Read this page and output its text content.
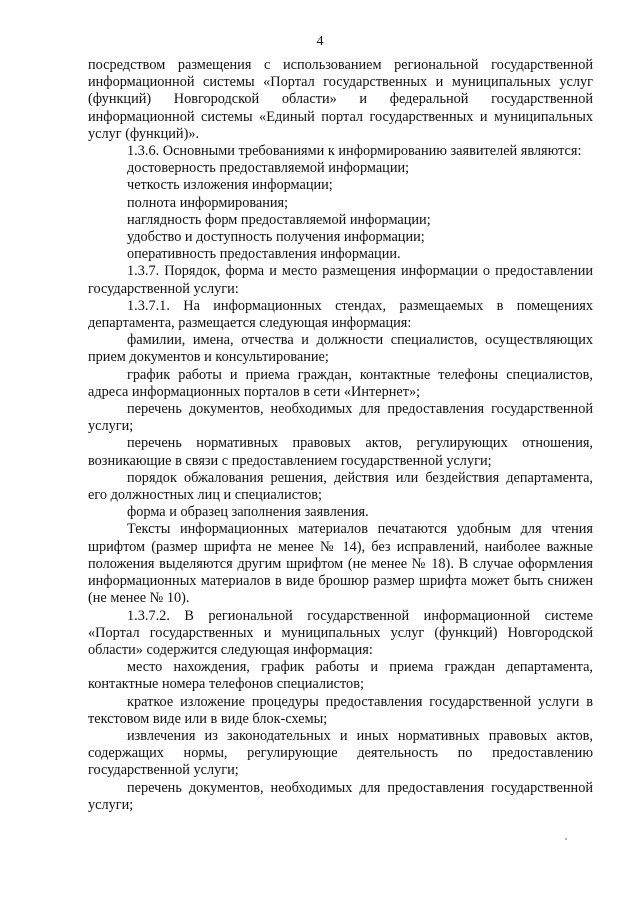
4

посредством размещения с использованием региональной государственной информационной системы «Портал государственных и муниципальных услуг (функций) Новгородской области» и федеральной государственной информационной системы «Единый портал государственных и муниципальных услуг (функций)».

1.3.6. Основными требованиями к информированию заявителей являются:

достоверность предоставляемой информации;

четкость изложения информации;

полнота информирования;

наглядность форм предоставляемой информации;

удобство и доступность получения информации;

оперативность предоставления информации.

1.3.7. Порядок, форма и место размещения информации о предоставлении государственной услуги:

1.3.7.1. На информационных стендах, размещаемых в помещениях департамента, размещается следующая информация:

фамилии, имена, отчества и должности специалистов, осуществляющих прием документов и консультирование;

график работы и приема граждан, контактные телефоны специалистов, адреса информационных порталов в сети «Интернет»;

перечень документов, необходимых для предоставления государственной услуги;

перечень нормативных правовых актов, регулирующих отношения, возникающие в связи с предоставлением государственной услуги;

порядок обжалования решения, действия или бездействия департамента, его должностных лиц и специалистов;

форма и образец заполнения заявления.

Тексты информационных материалов печатаются удобным для чтения шрифтом (размер шрифта не менее № 14), без исправлений, наиболее важные положения выделяются другим шрифтом (не менее № 18). В случае оформления информационных материалов в виде брошюр размер шрифта может быть снижен (не менее № 10).

1.3.7.2. В региональной государственной информационной системе «Портал государственных и муниципальных услуг (функций) Новгородской области» содержится следующая информация:

место нахождения, график работы и приема граждан департамента, контактные номера телефонов специалистов;

краткое изложение процедуры предоставления государственной услуги в текстовом виде или в виде блок-схемы;

извлечения из законодательных и иных нормативных правовых актов, содержащих нормы, регулирующие деятельность по предоставлению государственной услуги;

перечень документов, необходимых для предоставления государственной услуги;
